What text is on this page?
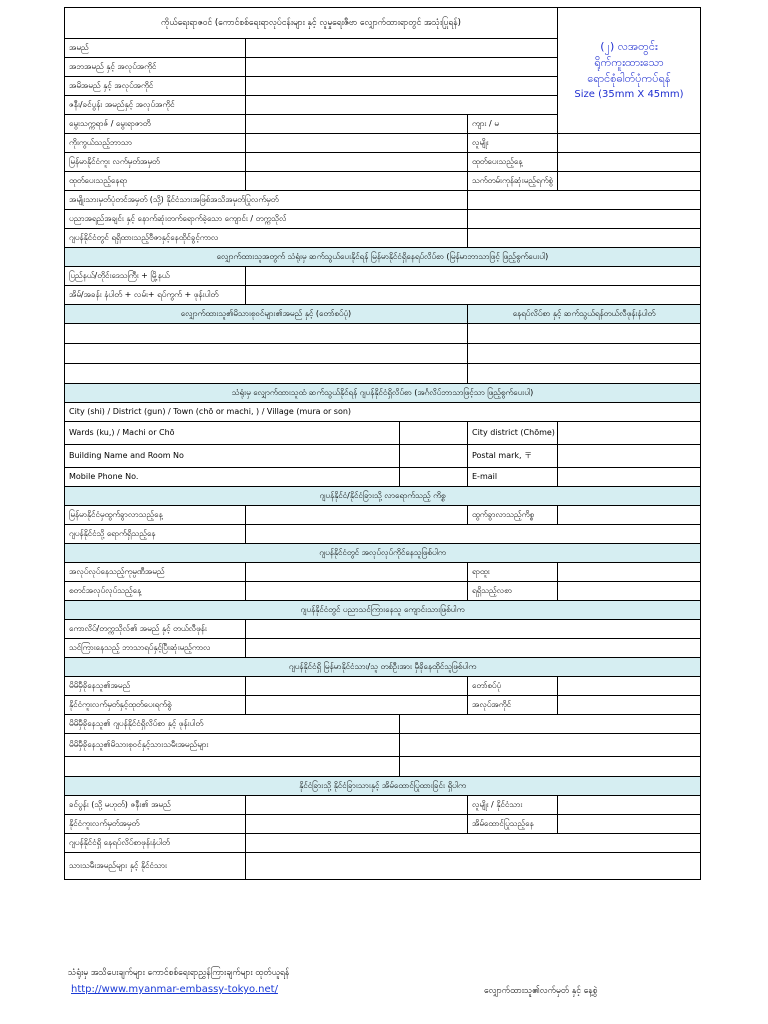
ကိုယ်ရေးရာဇဝင် (ကောင်စစ်ရေးရာလုပ်ငန်းများ နှင့် လူမှုရေးဇီဗာ လျှောက်ထားရာတွင် အသုံးပြုရန်)				(၂) လအတွင်း
ရိုက်ကူးထားသော
ရောင်စုံဓါတ်ပုံကပ်ရန်
Size (35mm X 45mm)

အမည်				
အဘအမည် နှင့် အလုပ်အကိုင်				
အမိအမည် နှင့် အလုပ်အကိုင်				
ဇနီး/ခင်ပွန်း အမည်နှင့် အလုပ်အကိုင်				
မွေးသက္ကရာဇ် / မွေးရာဇာတိ			ကျား / မ	
ကိုးကွယ်သည့်ဘာသာ			လူမျိုး	
မြန်မာနိုင်ငံကူး လက်မှတ်အမှတ်			ထုတ်ပေးသည့်နေ့	
ထုတ်ပေးသည့်နေရာ			သက်တမ်းကုန်ဆုံးမည့်ရက်စွဲ	
အမျိုးသားမှတ်ပုံတင်အမှတ် (သို့) နိုင်ငံသားအဖြစ်အသိအမှတ်ပြုလက်မှတ်				
ပညာအရည်အချင်း နှင့် နောက်ဆုံးတက်ရောက်ခဲ့သော ကျောင်း / တက္ကသိုလ်				
ဂျပန်နိုင်ငံတွင် ရရှိထားသည့်ဗီဇာနှင့်နေထိုင်ခွင့်ကာလ				
လျှောက်ထားသူအတွက် သံရုံးမှ ဆက်သွယ်ပေးနိုင်ရန် မြန်မာနိုင်ငံရှိနေရပ်လိပ်စာ (မြန်မာဘာသာဖြင့် ဖြည့်စွက်ပေးပါ)				
ပြည်နယ်/တိုင်းဒေသကြီး + မြို့နယ်				
အိမ်/အခန်း နံပါတ် + လမ်း+ ရပ်ကွက် + ဖုန်းပါတ်				
လျှောက်ထားသူ၏မိသားစုဝင်များ၏အမည် နှင့် (တော်စပ်ပုံ)			နေရပ်လိပ်စာ နှင့် ဆက်သွယ်ရန်တယ်လီဖုန်းနံပါတ်	

သံရုံးမှ လျှောက်ထားသူထံ ဆက်သွယ်နိုင်ရန် ဂျပန်နိုင်ငံရှိလိပ်စာ (အင်္ဂလိပ်ဘာသာဖြင့်သာ ဖြည့်စွက်ပေးပါ)				
City (shi) / District (gun) / Town (chō or machi, ) / Village (mura or son)				
Wards (ku,) / Machi or Chō			City district (Chōme)	
Building Name and Room No			Postal mark, 〒	
Mobile Phone No.			E-mail	
ဂျပန်နိုင်ငံ/နိုင်ငံခြားသို့ လာရောက်သည့် ကိစ္စ				
မြန်မာနိုင်ငံမှထွက်ခွာလာသည့်နေ့			ထွက်ခွာလာသည့်ကိစ္စ	
ဂျပန်နိုင်ငံသို့ ရောက်ရှိသည့်နေ				
ဂျပန်နိုင်ငံတွင် အလုပ်လုပ်ကိုင်နေသူဖြစ်ပါက				
အလုပ်လုပ်နေသည့်ကုမ္ပဏီအမည်			ရာထူး	
စတင်အလုပ်လုပ်သည့်နေ့			ရရှိသည့်လစာ	
ဂျပန်နိုင်ငံတွင် ပညာသင်ကြားနေသူ ကျောင်းသားဖြစ်ပါက				
ကောလိပ်/တက္ကသိုလ်၏ အမည် နှင့် တယ်လီဖုန်း				
သင်ကြားနေသည့် ဘာသာရပ်နှင့်ပြီးဆုံးမည့်ကာလ				
ဂျပန်နိုင်ငံရှိ မြန်မာနိုင်ငံသား/သူ တစ်ဦးအား မှီခိုနေထိုင်သူဖြစ်ပါက				
မိမိမှီခိုနေသူ၏အမည်			တော်စပ်ပုံ	
နိုင်ငံကူးလက်မှတ်နှင့်ထုတ်ပေးရက်စွဲ			အလုပ်အကိုင်	
မိမိမှီခိုနေသူ၏ ဂျပန်နိုင်ငံရှိလိပ်စာ နှင့် ဖုန်းပါတ်				
မိမိမှီခိုနေသူ၏မိသားစုဝင်နှင့်သားသမီးအမည်များ				

နိုင်ငံခြားသို့ နိုင်ငံခြားသားနှင့် အိမ်ထောင်ပြုထားခြင်း ရှိပါက				
ခင်ပွန်း (သို့ မဟုတ်) ဇနီး၏ အမည်			လူမျိုး / နိုင်ငံသား	
နိုင်ငံကူးလက်မှတ်အမှတ်			အိမ်ထောင်ပြုသည့်နေ	
ဂျပန်နိုင်ငံရှိ နေရပ်လိပ်စာဖုန်းနံပါတ်				
သားသမီးအမည်များ နှင့် နိုင်ငံသား				
သံရုံးမှ အသိပေးချက်များ ကောင်စစ်ရေးရာညွှန်ကြားချက်များ ထုတ်ယူရန်
http://www.myanmar-embassy-tokyo.net/	လျှောက်ထားသူ၏လက်မှတ် နှင့် နေ့စွဲ
